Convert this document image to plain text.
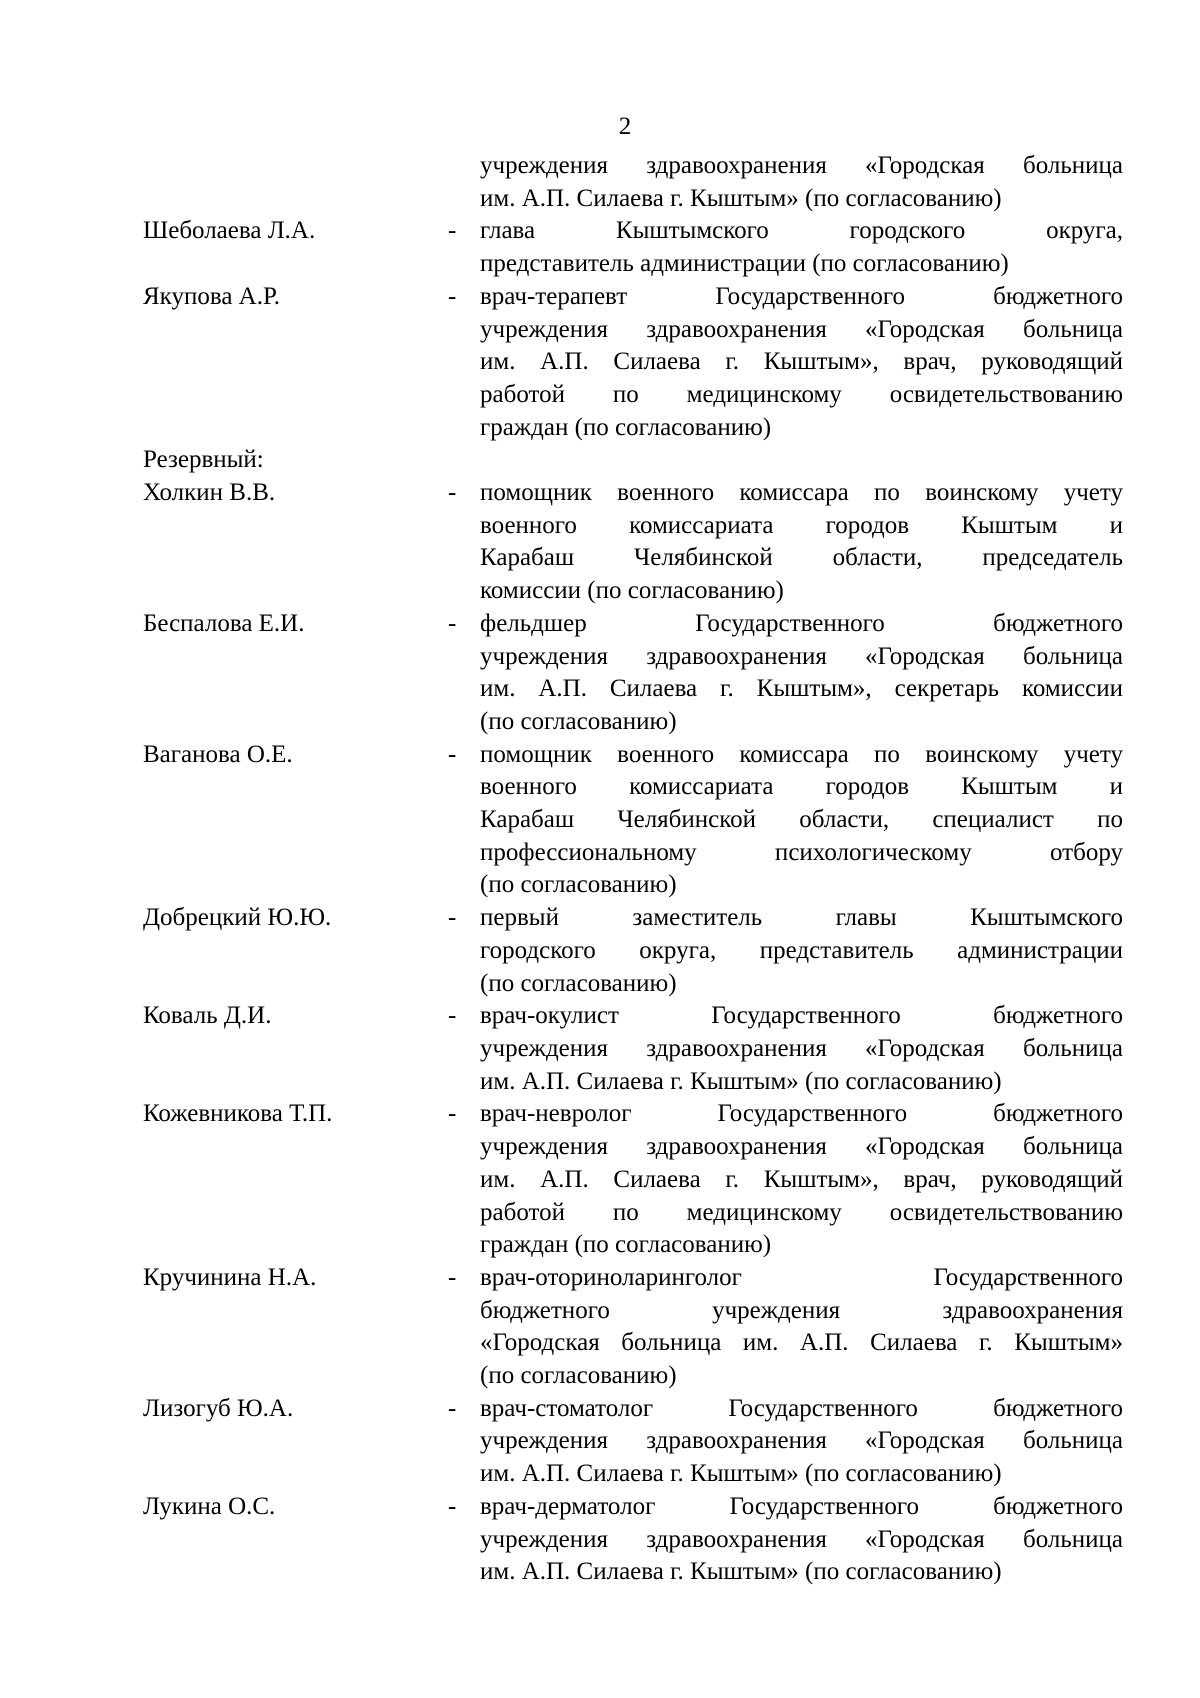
2
учреждения здравоохранения «Городская больница
им. А.П. Силаева г. Кыштым» (по согласованию)
Шеболаева Л.А.	- глава Кыштымского городского округа,
представитель администрации (по согласованию)
Якупова А.Р.	- врач-терапевт Государственного бюджетного
учреждения здравоохранения «Городская больница
им. А.П. Силаева г. Кыштым», врач, руководящий
работой по медицинскому освидетельствованию
граждан (по согласованию)
Резервный:
Холкин В.В.	- помощник военного комиссара по воинскому учету
военного комиссариата городов Кыштым и
Карабаш Челябинской области, председатель
комиссии (по согласованию)
Беспалова Е.И.	- фельдшер Государственного бюджетного
учреждения здравоохранения «Городская больница
им. А.П. Силаева г. Кыштым», секретарь комиссии
(по согласованию)
Ваганова О.Е.	- помощник военного комиссара по воинскому учету
военного комиссариата городов Кыштым и
Карабаш Челябинской области, специалист по
профессиональному психологическому отбору
(по согласованию)
Добрецкий Ю.Ю.	- первый заместитель главы Кыштымского
городского округа, представитель администрации
(по согласованию)
Коваль Д.И.	- врач-окулист Государственного бюджетного
учреждения здравоохранения «Городская больница
им. А.П. Силаева г. Кыштым» (по согласованию)
Кожевникова Т.П.	- врач-невролог Государственного бюджетного
учреждения здравоохранения «Городская больница
им. А.П. Силаева г. Кыштым», врач, руководящий
работой по медицинскому освидетельствованию
граждан (по согласованию)
Кручинина Н.А.	- врач-оториноларинголог Государственного
бюджетного учреждения здравоохранения
«Городская больница им. А.П. Силаева г. Кыштым»
(по согласованию)
Лизогуб Ю.А.	- врач-стоматолог Государственного бюджетного
учреждения здравоохранения «Городская больница
им. А.П. Силаева г. Кыштым» (по согласованию)
Лукина О.С.	- врач-дерматолог Государственного бюджетного
учреждения здравоохранения «Городская больница
им. А.П. Силаева г. Кыштым» (по согласованию)
